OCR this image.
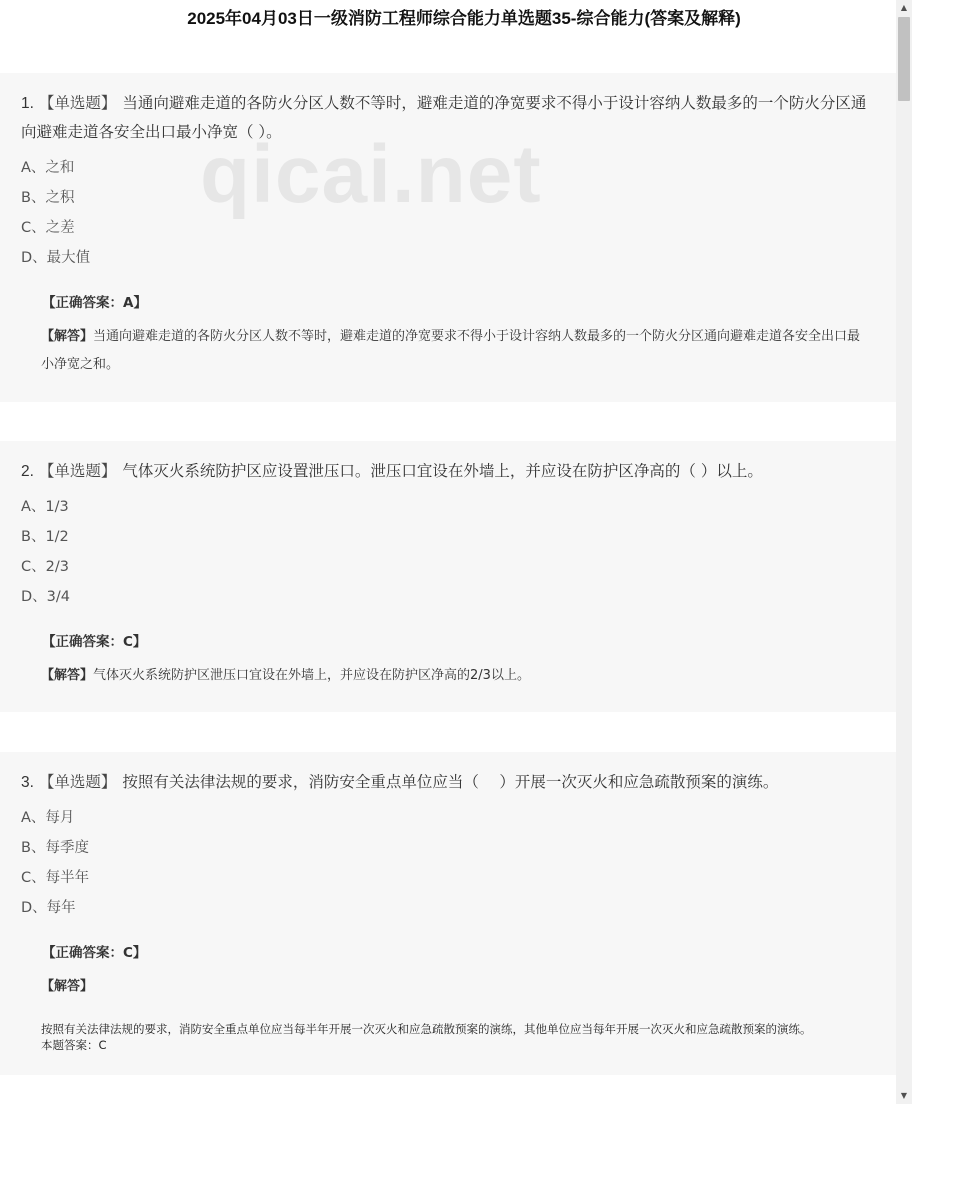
2025年04月03日一级消防工程师综合能力单选题35-综合能力(答案及解释)

1. 【单选题】 当通向避难走道的各防火分区人数不等时，避难走道的净宽要求不得小于设计容纳人数最多的一个防火分区通向避难走道各安全出口最小净宽（ ）。

A、之和
B、之积
C、之差
D、最大值
【正确答案：A】
【解答】当通向避难走道的各防火分区人数不等时，避难走道的净宽要求不得小于设计容纳人数最多的一个防火分区通向避难走道各安全出口最小净宽之和。

2. 【单选题】 气体灭火系统防护区应设置泄压口。泄压口宜设在外墙上，并应设在防护区净高的（ ）以上。

A、1/3
B、1/2
C、2/3
D、3/4
【正确答案：C】
【解答】气体灭火系统防护区泄压口宜设在外墙上，并应设在防护区净高的2/3以上。

3. 【单选题】 按照有关法律法规的要求，消防安全重点单位应当（　 ）开展一次灭火和应急疏散预案的演练。

A、每月
B、每季度
C、每半年
D、每年
【正确答案：C】
【解答】
按照有关法律法规的要求，消防安全重点单位应当每半年开展一次灭火和应急疏散预案的演练，其他单位应当每年开展一次灭火和应急疏散预案的演练。
本题答案：C
▲
▼
